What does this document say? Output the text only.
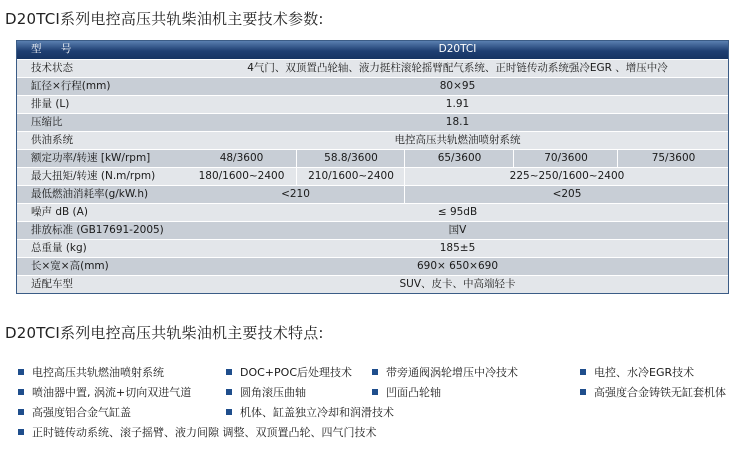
D20TCI系列电控高压共轨柴油机主要技术参数:
型 号	D20TCI
技术状态	4气门、双顶置凸轮轴、液力挺柱滚轮摇臂配气系统、正时链传动系统强冷EGR 、增压中冷
缸径×行程(mm)	80×95
排量 (L)	1.91
压缩比	18.1
供油系统	电控高压共轨燃油喷射系统
额定功率/转速 [kW/rpm]	48/3600	58.8/3600	65/3600	70/3600	75/3600
最大扭矩/转速 (N.m/rpm)	180/1600~2400	210/1600~2400	225~250/1600~2400
最低燃油消耗率(g/kW.h)	<210	<205
噪声 dB (A)	≤ 95dB
排放标准 (GB17691-2005)	国Ⅴ
总重量 (kg)	185±5
长×宽×高(mm)	690× 650×690
适配车型	SUV、皮卡、中高端轻卡
D20TCI系列电控高压共轨柴油机主要技术特点:
电控高压共轨燃油喷射系统	DOC+POC后处理技术	带旁通阀涡轮增压中冷技术	电控、水冷EGR技术
喷油器中置, 涡流+切向双进气道	圆角滚压曲轴	凹面凸轮轴	高强度合金铸铁无缸套机体
高强度铝合金气缸盖	机体、缸盖独立冷却和润滑技术
正时链传动系统、滚子摇臂、液力间隙 调整、双顶置凸轮、四气门技术
